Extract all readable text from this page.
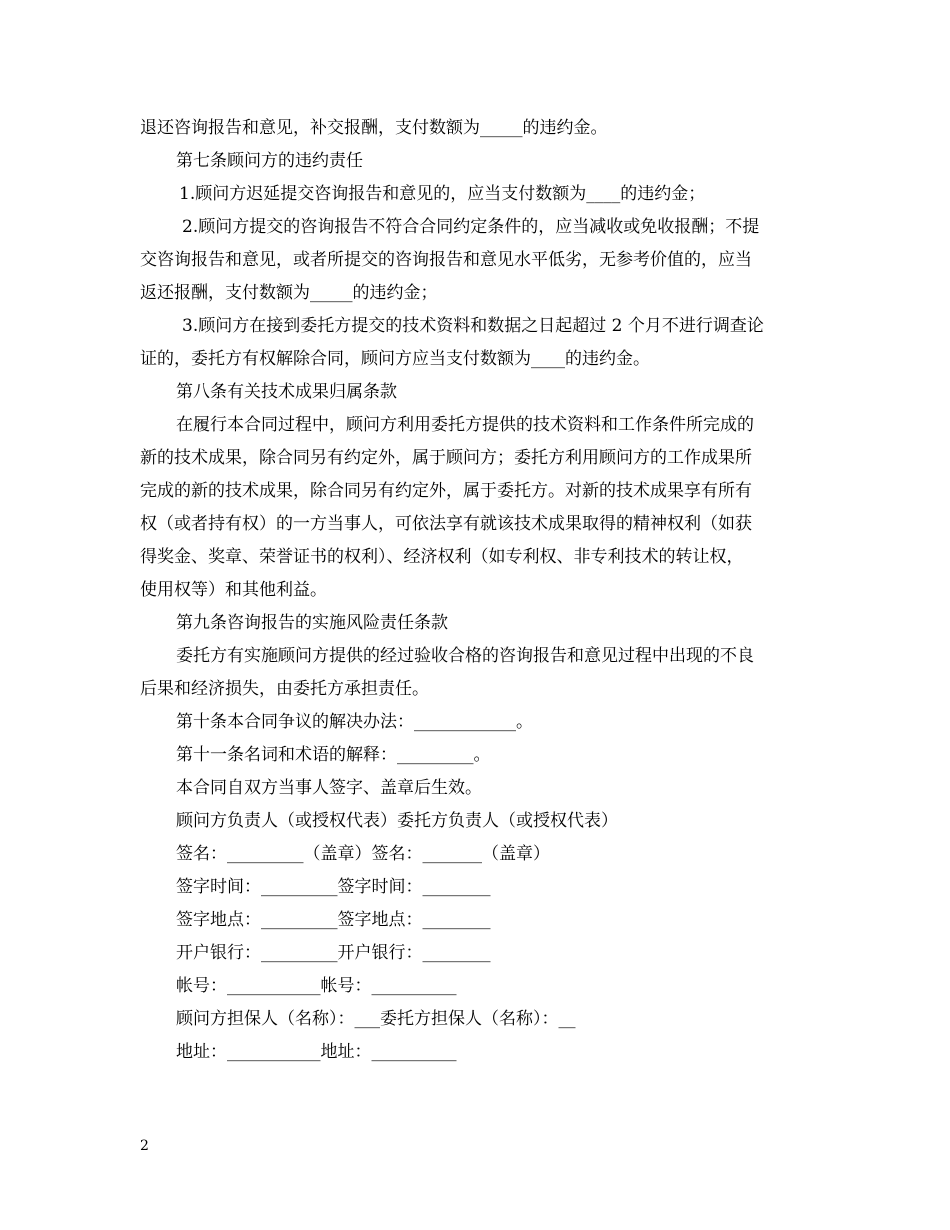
退还咨询报告和意见，补交报酬，支付数额为_____的违约金。
第七条顾问方的违约责任
1.顾问方迟延提交咨询报告和意见的，应当支付数额为____的违约金；
2.顾问方提交的咨询报告不符合合同约定条件的，应当减收或免收报酬；不提
交咨询报告和意见，或者所提交的咨询报告和意见水平低劣，无参考价值的，应当
返还报酬，支付数额为_____的违约金；
3.顾问方在接到委托方提交的技术资料和数据之日起超过 2 个月不进行调查论
证的，委托方有权解除合同，顾问方应当支付数额为____的违约金。
第八条有关技术成果归属条款
在履行本合同过程中，顾问方利用委托方提供的技术资料和工作条件所完成的
新的技术成果，除合同另有约定外，属于顾问方；委托方利用顾问方的工作成果所
完成的新的技术成果，除合同另有约定外，属于委托方。对新的技术成果享有所有
权（或者持有权）的一方当事人，可依法享有就该技术成果取得的精神权利（如获
得奖金、奖章、荣誉证书的权利）、经济权利（如专利权、非专利技术的转让权，
使用权等）和其他利益。
第九条咨询报告的实施风险责任条款
委托方有实施顾问方提供的经过验收合格的咨询报告和意见过程中出现的不良
后果和经济损失，由委托方承担责任。
第十条本合同争议的解决办法：____________。
第十一条名词和术语的解释：_________。
本合同自双方当事人签字、盖章后生效。
顾问方负责人（或授权代表）委托方负责人（或授权代表）
签名：_________（盖章）签名：_______（盖章）
签字时间：_________签字时间：________
签字地点：_________签字地点：________
开户银行：_________开户银行：________
帐号：___________帐号：__________
顾问方担保人（名称）：___委托方担保人（名称）：__
地址：___________地址：__________
2
